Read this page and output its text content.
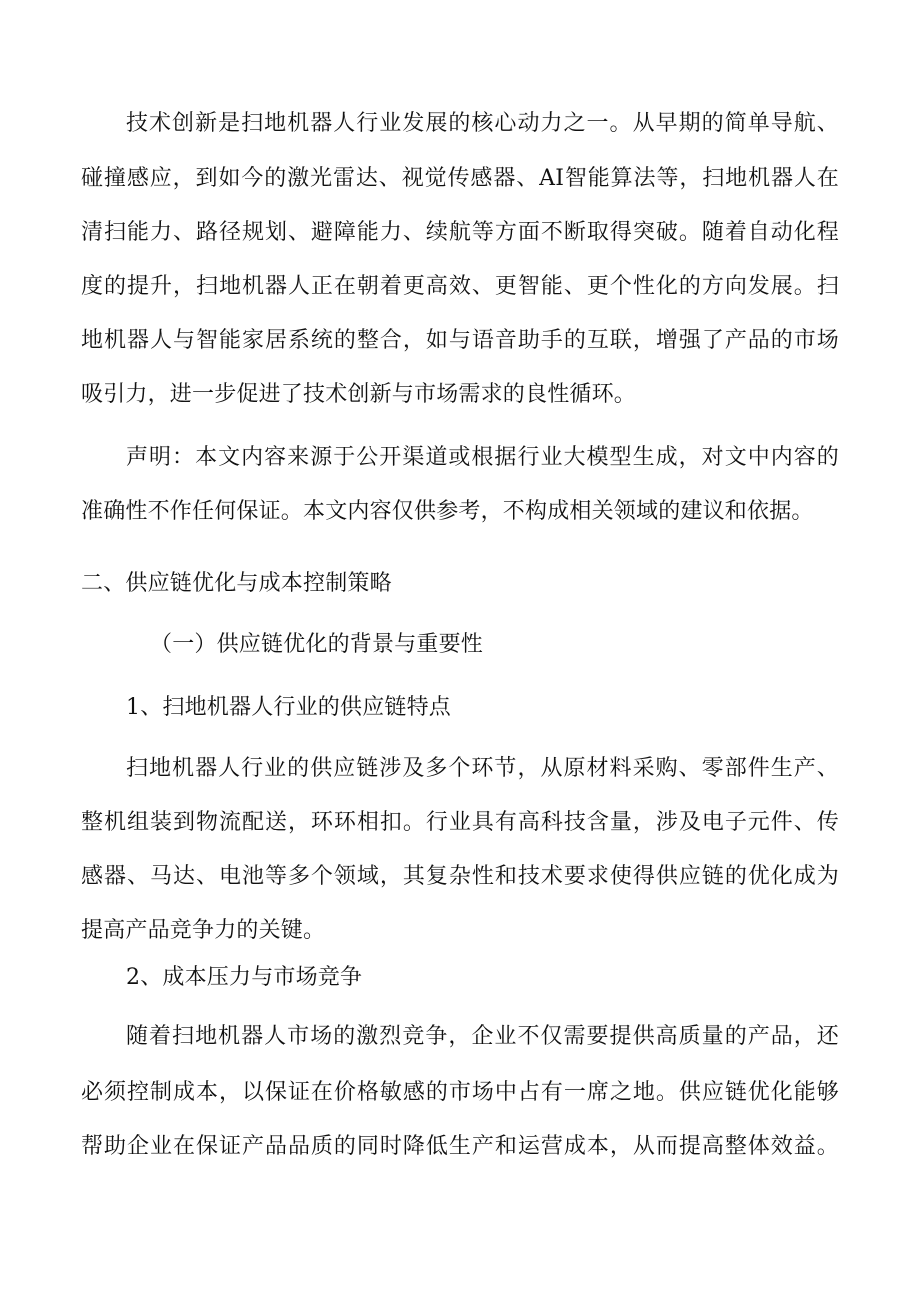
技术创新是扫地机器人行业发展的核心动力之一。从早期的简单导航、
碰撞感应，到如今的激光雷达、视觉传感器、AI智能算法等，扫地机器人在
清扫能力、路径规划、避障能力、续航等方面不断取得突破。随着自动化程
度的提升，扫地机器人正在朝着更高效、更智能、更个性化的方向发展。扫
地机器人与智能家居系统的整合，如与语音助手的互联，增强了产品的市场
吸引力，进一步促进了技术创新与市场需求的良性循环。
声明：本文内容来源于公开渠道或根据行业大模型生成，对文中内容的
准确性不作任何保证。本文内容仅供参考，不构成相关领域的建议和依据。
二、供应链优化与成本控制策略
（一）供应链优化的背景与重要性
1、扫地机器人行业的供应链特点
扫地机器人行业的供应链涉及多个环节，从原材料采购、零部件生产、
整机组装到物流配送，环环相扣。行业具有高科技含量，涉及电子元件、传
感器、马达、电池等多个领域，其复杂性和技术要求使得供应链的优化成为
提高产品竞争力的关键。
2、成本压力与市场竞争
随着扫地机器人市场的激烈竞争，企业不仅需要提供高质量的产品，还
必须控制成本，以保证在价格敏感的市场中占有一席之地。供应链优化能够
帮助企业在保证产品品质的同时降低生产和运营成本，从而提高整体效益。
